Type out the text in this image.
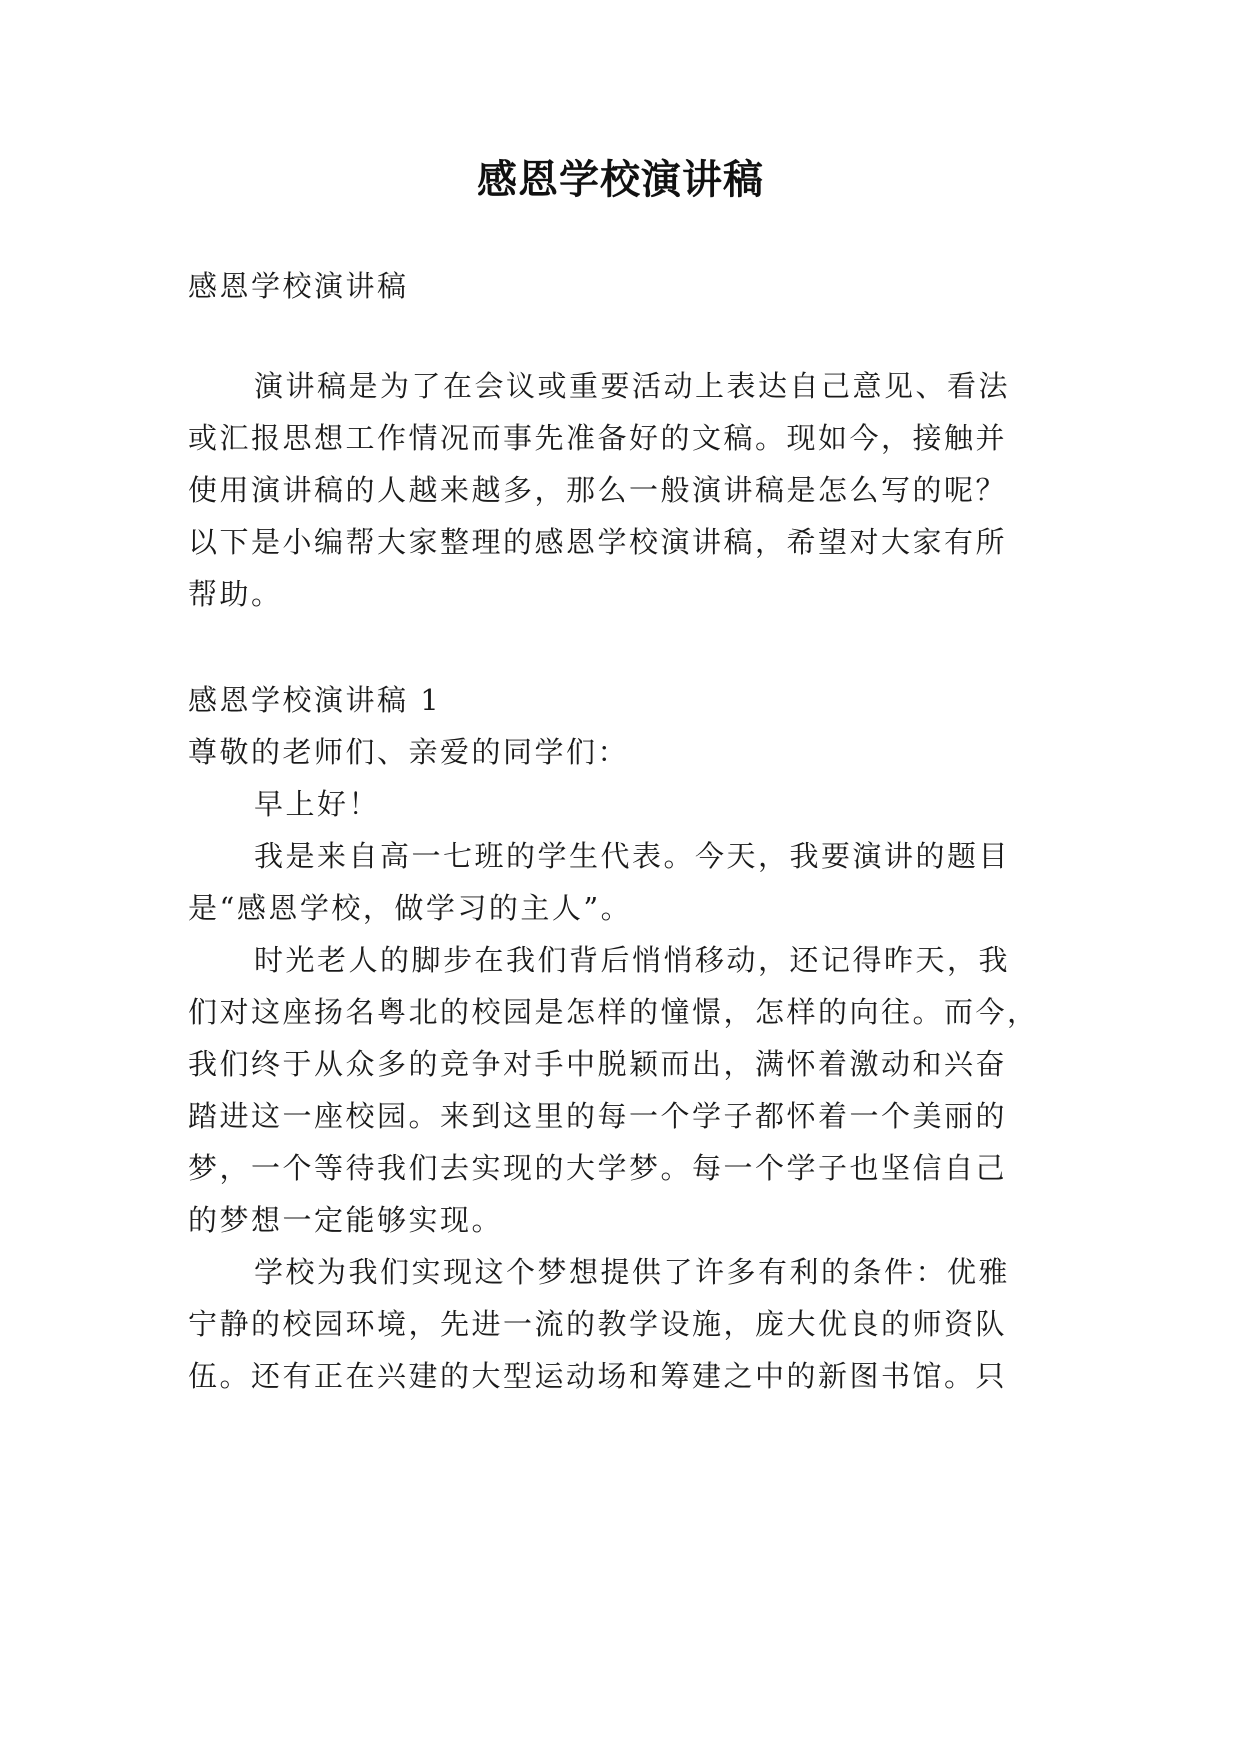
感恩学校演讲稿
感恩学校演讲稿
演讲稿是为了在会议或重要活动上表达自己意见、看法
或汇报思想工作情况而事先准备好的文稿。现如今，接触并
使用演讲稿的人越来越多，那么一般演讲稿是怎么写的呢？
以下是小编帮大家整理的感恩学校演讲稿，希望对大家有所
帮助。
感恩学校演讲稿 1
尊敬的老师们、亲爱的同学们：
早上好！
我是来自高一七班的学生代表。今天，我要演讲的题目
是“感恩学校，做学习的主人”。
时光老人的脚步在我们背后悄悄移动，还记得昨天，我
们对这座扬名粤北的校园是怎样的憧憬，怎样的向往。而今，
我们终于从众多的竞争对手中脱颖而出，满怀着激动和兴奋
踏进这一座校园。来到这里的每一个学子都怀着一个美丽的
梦，一个等待我们去实现的大学梦。每一个学子也坚信自己
的梦想一定能够实现。
学校为我们实现这个梦想提供了许多有利的条件：优雅
宁静的校园环境，先进一流的教学设施，庞大优良的师资队
伍。还有正在兴建的大型运动场和筹建之中的新图书馆。只
